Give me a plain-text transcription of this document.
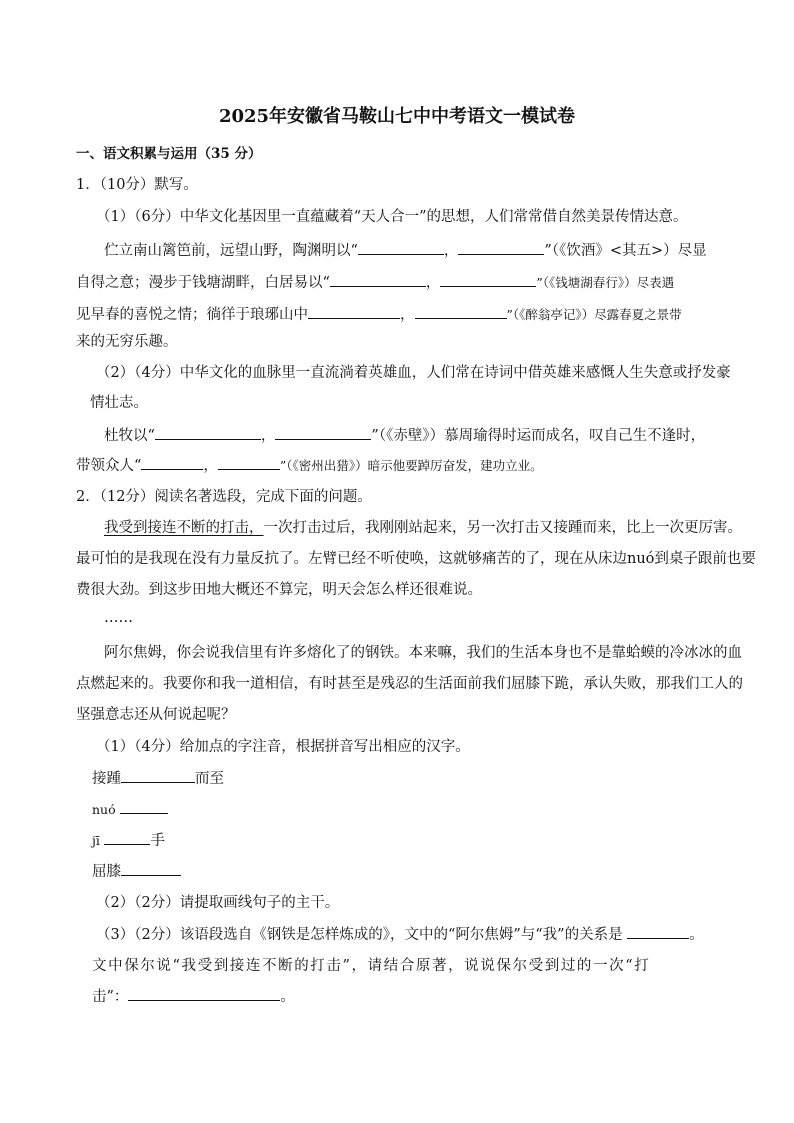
2025年安徽省马鞍山七中中考语文一模试卷
一、语文积累与运用（35 分）
1．（10分）默写。
（1）（6分）中华文化基因里一直蕴藏着“天人合一”的思想，人们常常借自然美景传情达意。
伫立南山篱笆前，远望山野，陶渊明以“	，	”（《饮酒》<其五>）尽显
自得之意；漫步于钱塘湖畔，白居易以“	，	”（《钱塘湖春行》）尽表遇
见早春的喜悦之情；徜徉于琅琊山中	，	”（《醉翁亭记》）尽露春夏之景带
来的无穷乐趣。
（2）（4分）中华文化的血脉里一直流淌着英雄血，人们常在诗词中借英雄来感慨人生失意或抒发豪
情壮志。
杜牧以“	，	”（《赤壁》）慕周瑜得时运而成名，叹自己生不逢时，
带领众人“	，	”（《密州出猎》）暗示他要踔厉奋发，建功立业。
2．（12分）阅读名著选段，完成下面的问题。
我受到接连不断的打击，一次打击过后，我刚刚站起来，另一次打击又接踵而来，比上一次更厉害。
最可怕的是我现在没有力量反抗了。左臂已经不听使唤，这就够痛苦的了，现在从床边nuó到桌子跟前也要
费很大劲。到这步田地大概还不算完，明天会怎么样还很难说。
……
阿尔焦姆，你会说我信里有许多熔化了的钢铁。本来嘛，我们的生活本身也不是靠蛤蟆的冷冰冰的血
点燃起来的。我要你和我一道相信，有时甚至是残忍的生活面前我们屈膝下跪，承认失败，那我们工人的
坚强意志还从何说起呢？
（1）（4分）给加点的字注音，根据拼音写出相应的汉字。
接踵	而至
nuó
jī	手
屈膝
（2）（2分）请提取画线句子的主干。
（3）（2分）该语段选自《钢铁是怎样炼成的》，文中的“阿尔焦姆”与“我”的关系是	。
文中保尔说“我受到接连不断的打击”，请结合原著，说说保尔受到过的一次“打
击”：	。
